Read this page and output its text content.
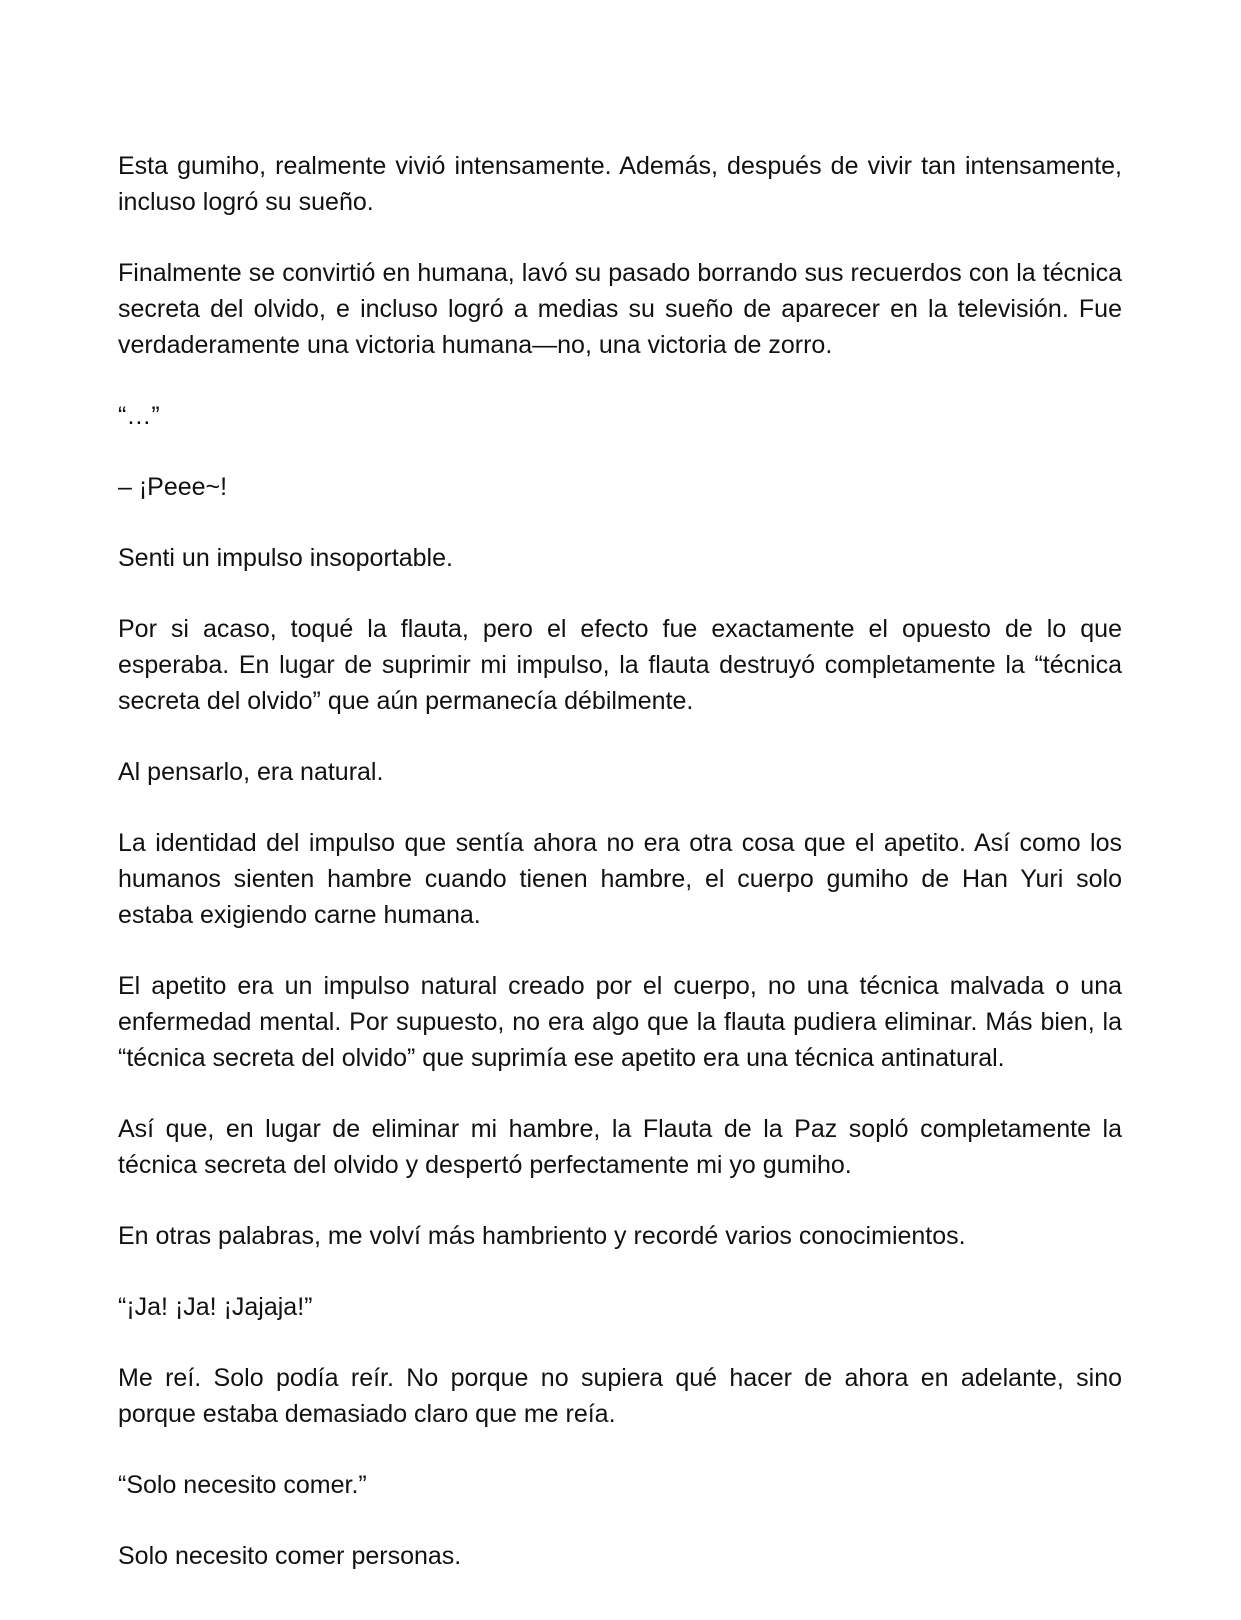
Esta gumiho, realmente vivió intensamente. Además, después de vivir tan intensamente, incluso logró su sueño.

Finalmente se convirtió en humana, lavó su pasado borrando sus recuerdos con la técnica secreta del olvido, e incluso logró a medias su sueño de aparecer en la televisión. Fue verdaderamente una victoria humana—no, una victoria de zorro.

“…”

– ¡Peee~!

Senti un impulso insoportable.

Por si acaso, toqué la flauta, pero el efecto fue exactamente el opuesto de lo que esperaba. En lugar de suprimir mi impulso, la flauta destruyó completamente la “técnica secreta del olvido” que aún permanecía débilmente.

Al pensarlo, era natural.

La identidad del impulso que sentía ahora no era otra cosa que el apetito. Así como los humanos sienten hambre cuando tienen hambre, el cuerpo gumiho de Han Yuri solo estaba exigiendo carne humana.

El apetito era un impulso natural creado por el cuerpo, no una técnica malvada o una enfermedad mental. Por supuesto, no era algo que la flauta pudiera eliminar. Más bien, la “técnica secreta del olvido” que suprimía ese apetito era una técnica antinatural.

Así que, en lugar de eliminar mi hambre, la Flauta de la Paz sopló completamente la técnica secreta del olvido y despertó perfectamente mi yo gumiho.

En otras palabras, me volví más hambriento y recordé varios conocimientos.

“¡Ja! ¡Ja! ¡Jajaja!”

Me reí. Solo podía reír. No porque no supiera qué hacer de ahora en adelante, sino porque estaba demasiado claro que me reía.

“Solo necesito comer.”

Solo necesito comer personas.
